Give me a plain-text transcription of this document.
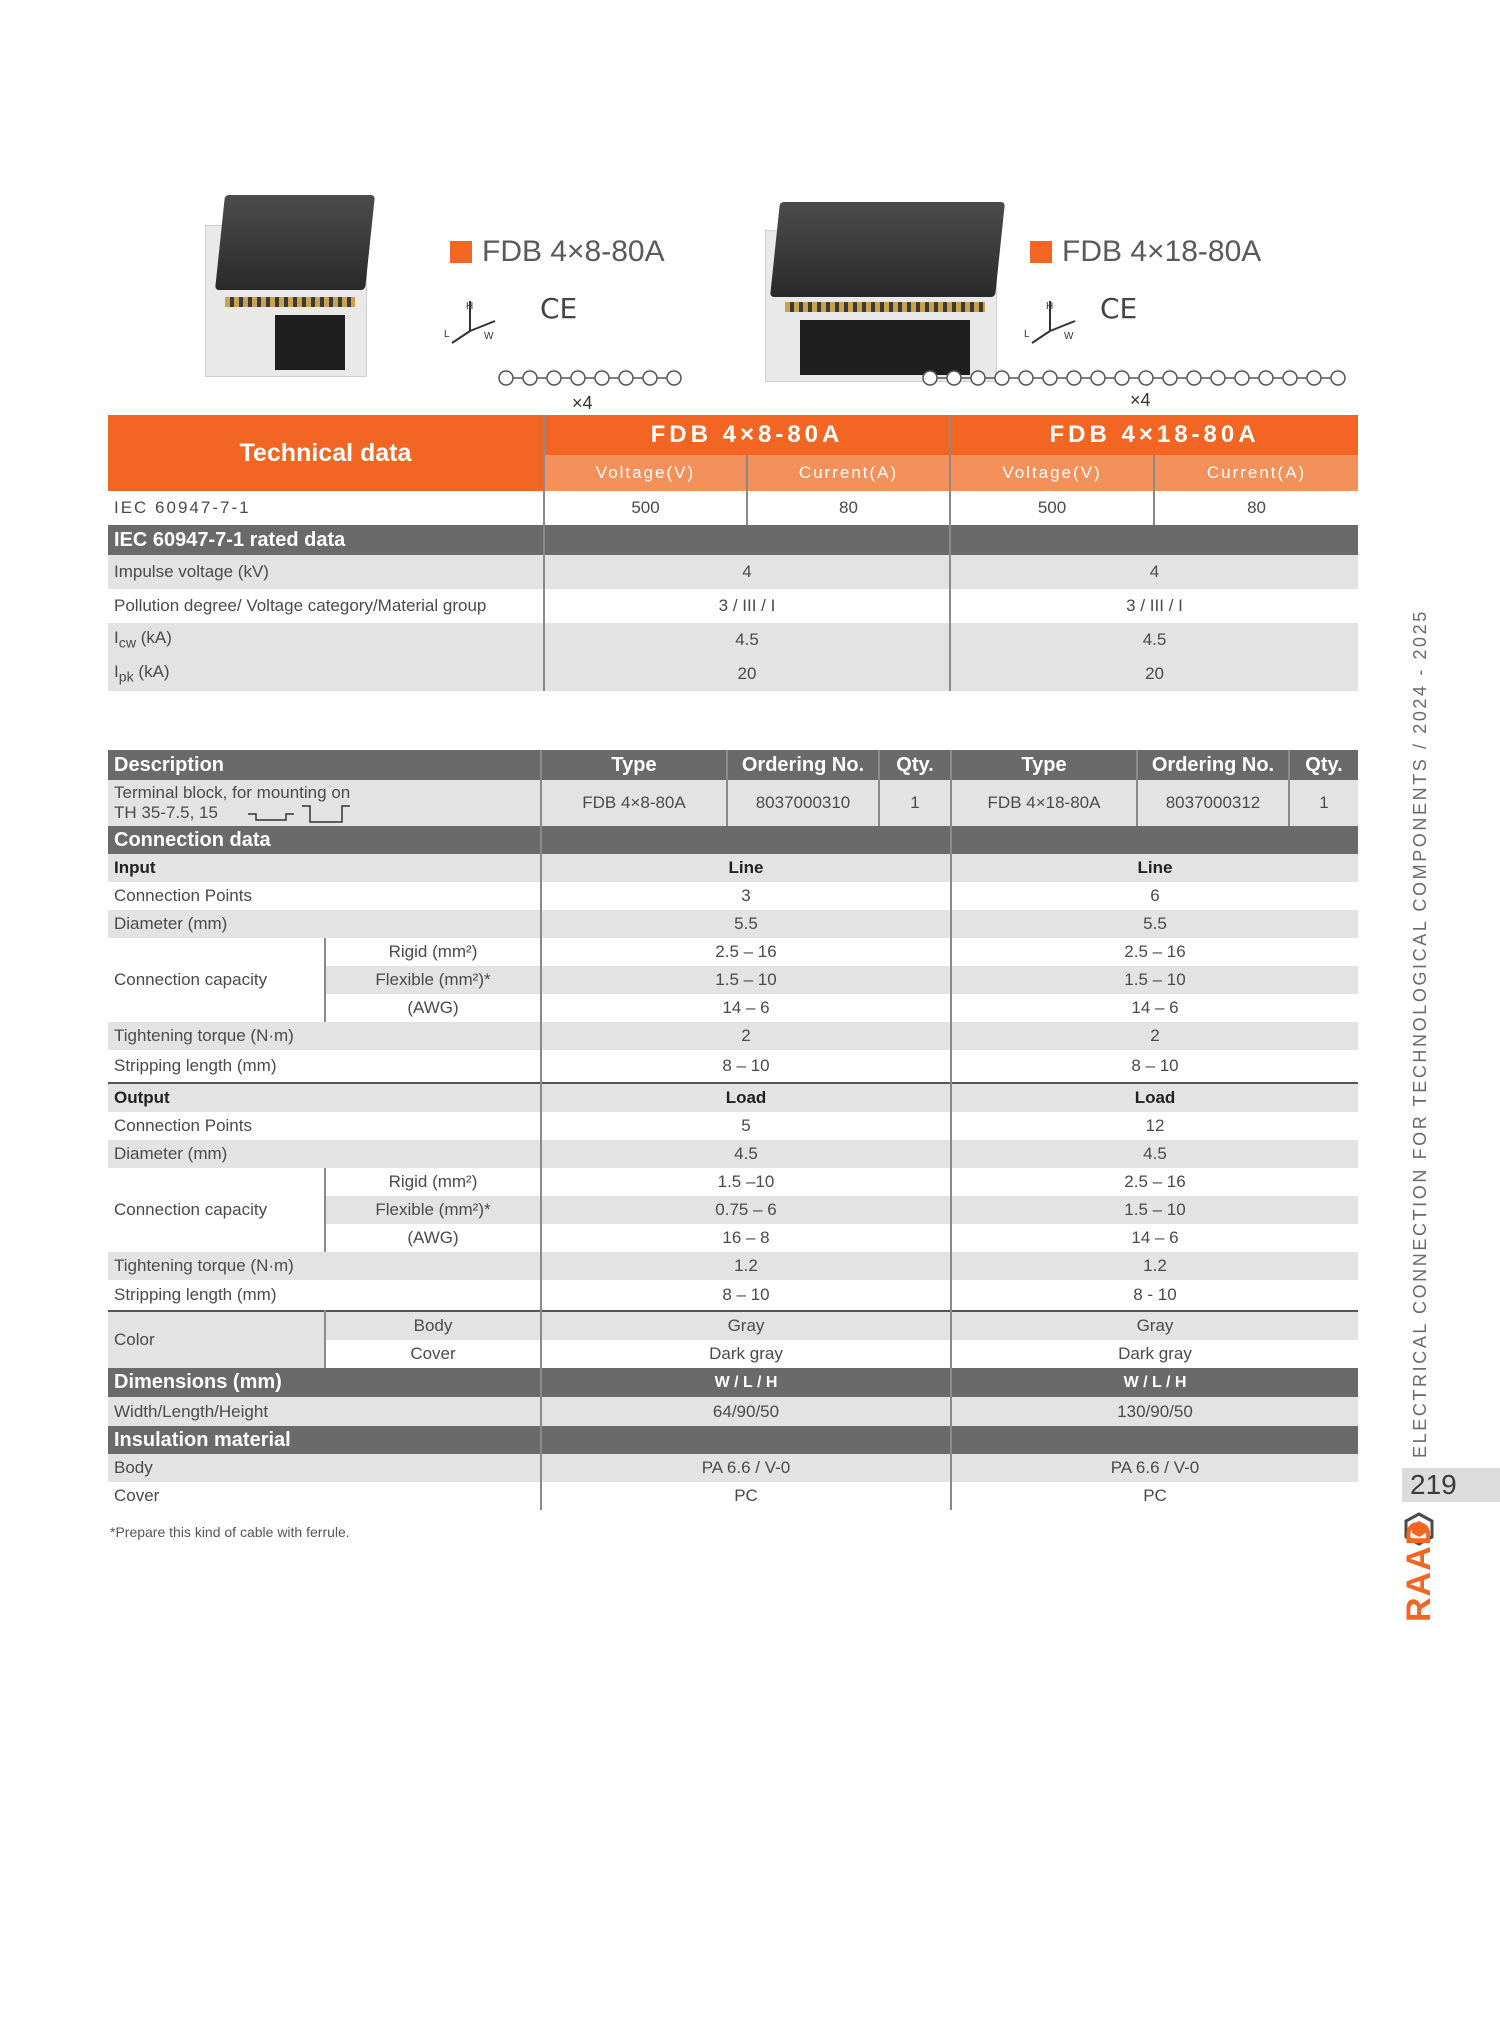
FDB 4×8-80A
H
L	W
CE
×4
FDB 4×18-80A
H
L	W
CE
×4
Technical data	FDB 4×8-80A		FDB 4×18-80A	
	Voltage(V)	Current(A)	Voltage(V)	Current(A)
IEC 60947-7-1	500	80	500	80
IEC 60947-7-1 rated data				
Impulse voltage (kV)	4		4	
Pollution degree/ Voltage category/Material group	3 / III / I		3 / III / I	
$I_{cw}$ (kA)	4.5		4.5	
$I_{pk}$ (kA)	20		20	
Description		Type	Ordering No.	Qty.	Type	Ordering No.	Qty.

Terminal block, for mounting on
TH 35-7.5, 15		FDB 4×8-80A	8037000310	1	FDB 4×18-80A	8037000312	1
Connection data							
Input		Line			Line		
Connection Points		3			6		
Diameter (mm)		5.5			5.5		
Connection capacity	Rigid (mm²)	2.5 – 16			2.5 – 16		
	Flexible (mm²)*	1.5 – 10			1.5 – 10		
	(AWG)	14 – 6			14 – 6		
Tightening torque (N·m)		2			2		
Stripping length (mm)		8 – 10			8 – 10		
Output		Load			Load		
Connection Points		5			12		
Diameter (mm)		4.5			4.5		
Connection capacity	Rigid (mm²)	1.5 –10			2.5 – 16		
	Flexible (mm²)*	0.75 – 6			1.5 – 10		
	(AWG)	16 – 8			14 – 6		
Tightening torque (N·m)		1.2			1.2		
Stripping length (mm)		8 – 10			8 - 10		
Color	Body	Gray			Gray		
	Cover	Dark gray			Dark gray		
Dimensions (mm)		W / L / H			W / L / H		
Width/Length/Height		64/90/50			130/90/50		
Insulation material							
Body		PA 6.6 / V-0			PA 6.6 / V-0		
Cover		PC			PC		
*Prepare this kind of cable with ferrule.
ELECTRICAL CONNECTION FOR TECHNOLOGICAL COMPONENTS / 2024 - 2025
219
RAAD
